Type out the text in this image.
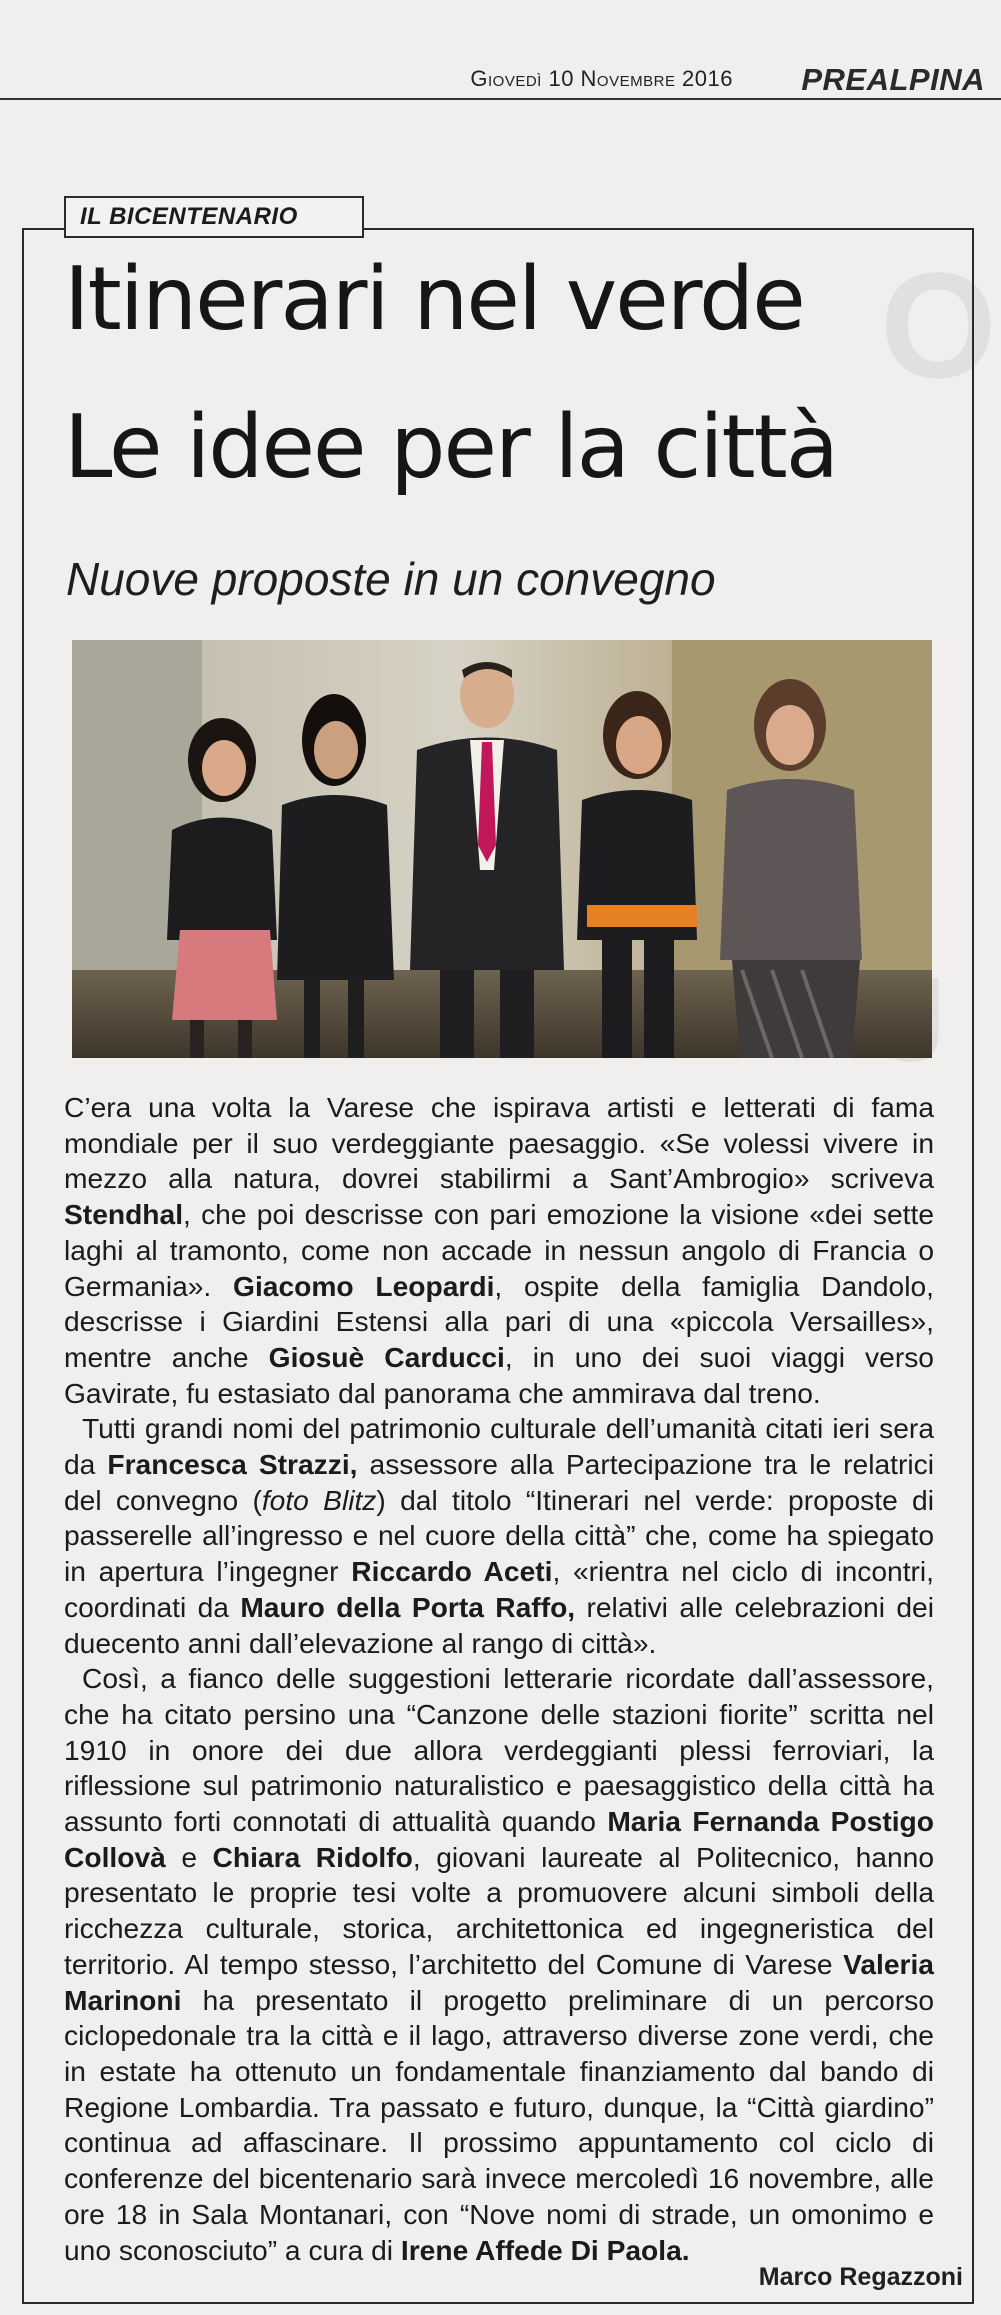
O
Giovedì 10 Novembre 2016 PREALPINA
IL BICENTENARIO
Itinerari nel verde
Le idee per la città
Nuove proposte in un convegno

C’era una volta la Varese che ispirava artisti e letterati di fama mondiale per il suo verdeggiante paesaggio. «Se volessi vivere in mezzo alla natura, dovrei stabilirmi a Sant’Ambrogio» scriveva Stendhal, che poi descrisse con pari emozione la visione «dei sette laghi al tramonto, come non accade in nessun angolo di Francia o Germania». Giacomo Leopardi, ospite della famiglia Dandolo, descrisse i Giardini Estensi alla pari di una «piccola Versailles», mentre anche Giosuè Carducci, in uno dei suoi viaggi verso Gavirate, fu estasiato dal panorama che ammirava dal treno.

Tutti grandi nomi del patrimonio culturale dell’umanità citati ieri sera da Francesca Strazzi, assessore alla Partecipazione tra le relatrici del convegno (foto Blitz) dal titolo “Itinerari nel verde: proposte di passerelle all’ingresso e nel cuore della città” che, come ha spiegato in apertura l’ingegner Riccardo Aceti, «rientra nel ciclo di incontri, coordinati da Mauro della Porta Raffo, relativi alle celebrazioni dei duecento anni dall’elevazione al rango di città».

Così, a fianco delle suggestioni letterarie ricordate dall’assessore, che ha citato persino una “Canzone delle stazioni fiorite” scritta nel 1910 in onore dei due allora verdeggianti plessi ferroviari, la riflessione sul patrimonio naturalistico e paesaggistico della città ha assunto forti connotati di attualità quando Maria Fernanda Postigo Collovà e Chiara Ridolfo, giovani laureate al Politecnico, hanno presentato le proprie tesi volte a promuovere alcuni simboli della ricchezza culturale, storica, architettonica ed ingegneristica del territorio. Al tempo stesso, l’architetto del Comune di Varese Valeria Marinoni ha presentato il progetto preliminare di un percorso ciclopedonale tra la città e il lago, attraverso diverse zone verdi, che in estate ha ottenuto un fondamentale finanziamento dal bando di Regione Lombardia. Tra passato e futuro, dunque, la “Città giardino” continua ad affascinare. Il prossimo appuntamento col ciclo di conferenze del bicentenario sarà invece mercoledì 16 novembre, alle ore 18 in Sala Montanari, con “Nove nomi di strade, un omonimo e uno sconosciuto” a cura di Irene Affede Di Paola.

Marco Regazzoni
